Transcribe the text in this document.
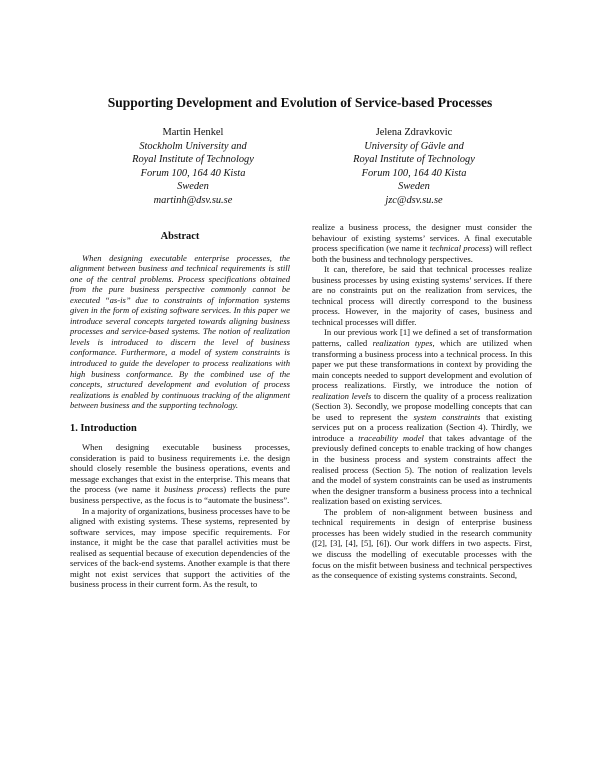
Supporting Development and Evolution of Service-based Processes
Martin Henkel
Stockholm University and
Royal Institute of Technology
Forum 100, 164 40 Kista
Sweden
martinh@dsv.su.se
Jelena Zdravkovic
University of Gävle and
Royal Institute of Technology
Forum 100, 164 40 Kista
Sweden
jzc@dsv.su.se
Abstract

When designing executable enterprise processes, the alignment between business and technical requirements is still one of the central problems. Process specifications obtained from the pure business perspective commonly cannot be executed “as-is” due to constraints of information systems given in the form of existing software services. In this paper we introduce several concepts targeted towards aligning business processes and service-based systems. The notion of realization levels is introduced to discern the level of business conformance. Furthermore, a model of system constraints is introduced to guide the developer to process realizations with high business conformance. By the combined use of the concepts, structured development and evolution of process realizations is enabled by continuous tracking of the alignment between business and the supporting technology.

1. Introduction

When designing executable business processes, consideration is paid to business requirements i.e. the design should closely resemble the business operations, events and message exchanges that exist in the enterprise. This means that the process (we name it business process) reflects the pure business perspective, as the focus is to “automate the business”.

In a majority of organizations, business processes have to be aligned with existing systems. These systems, represented by software services, may impose specific requirements. For instance, it might be the case that parallel activities must be realised as sequential because of execution dependencies of the services of the back-end systems. Another example is that there might not exist services that support the activities of the business process in their current form. As the result, to

realize a business process, the designer must consider the behaviour of existing systems’ services. A final executable process specification (we name it technical process) will reflect both the business and technology perspectives.

It can, therefore, be said that technical processes realize business processes by using existing systems’ services. If there are no constraints put on the realization from services, the technical process will directly correspond to the business process. However, in the majority of cases, business and technical processes will differ.

In our previous work [1] we defined a set of transformation patterns, called realization types, which are utilized when transforming a business process into a technical process. In this paper we put these transformations in context by providing the main concepts needed to support development and evolution of process realizations. Firstly, we introduce the notion of realization levels to discern the quality of a process realization (Section 3). Secondly, we propose modelling concepts that can be used to represent the system constraints that existing services put on a process realization (Section 4). Thirdly, we introduce a traceability model that takes advantage of the previously defined concepts to enable tracking of how changes in the business process and system constraints affect the realised process (Section 5). The notion of realization levels and the model of system constraints can be used as instruments when the designer transform a business process into a technical realization based on existing services.

The problem of non-alignment between business and technical requirements in design of enterprise business processes has been widely studied in the research community ([2], [3], [4], [5], [6]). Our work differs in two aspects. First, we discuss the modelling of executable processes with the focus on the misfit between business and technical perspectives as the consequence of existing systems constraints. Second,
